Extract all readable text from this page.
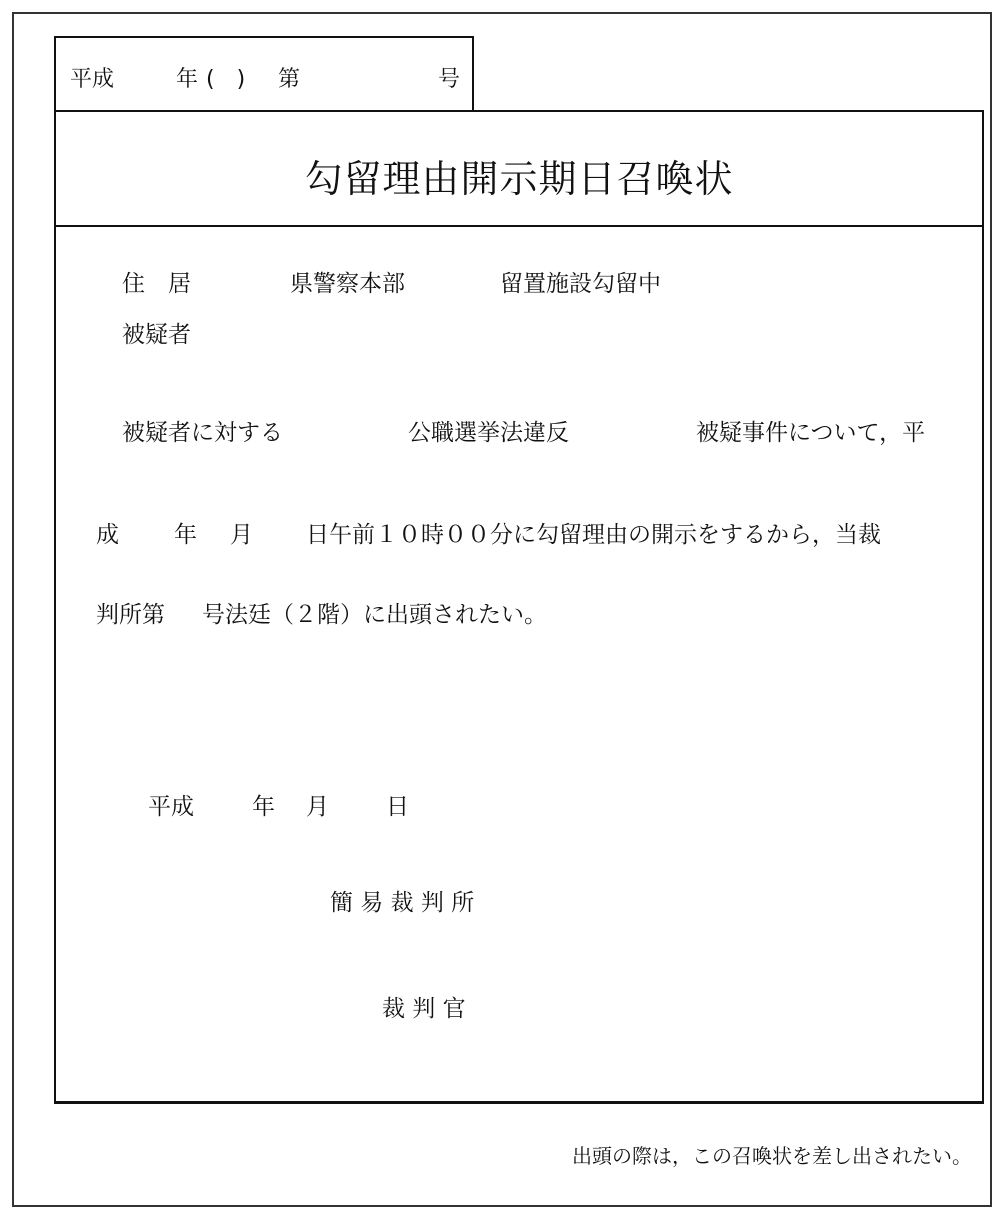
平成	年 (　) 第	号
勾留理由開示期日召喚状
住　居	県警察本部	留置施設勾留中
被疑者
被疑者に対する	公職選挙法違反	被疑事件について，平
成 年 月 日午前１０時００分に勾留理由の開示をするから，当裁
判所第 号法廷（２階）に出頭されたい。
平成	年 月 日
簡 易 裁 判 所
裁 判 官
出頭の際は，この召喚状を差し出されたい。
